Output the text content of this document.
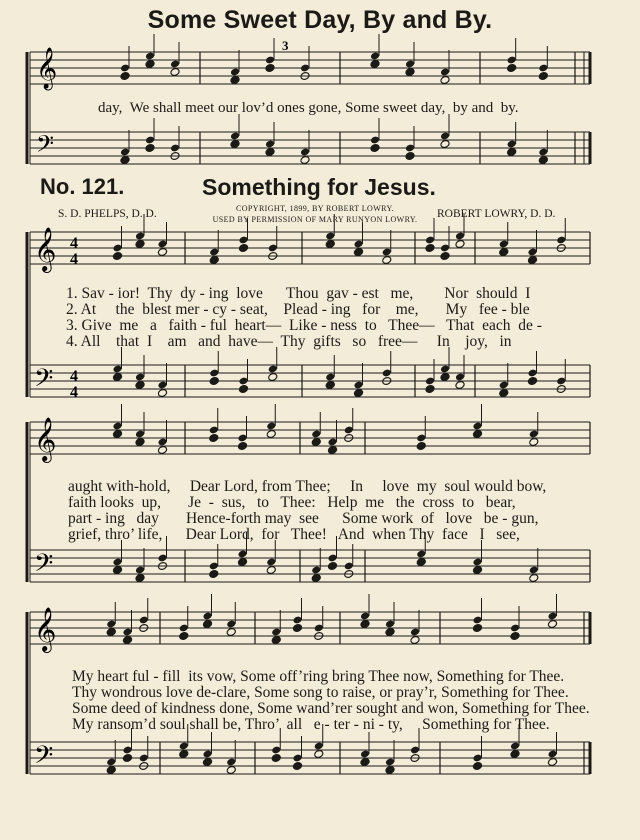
𝄞
𝄢
3
𝄞
𝄢
4
4
4
4
𝄞
𝄢
𝄞
𝄢
Some Sweet Day, By and By.
day,  We shall meet our lov’d ones gone, Some sweet day,  by and  by.
No. 121.	Something for Jesus.
S. D. PHELPS, D. D.	ROBERT LOWRY, D. D.
COPYRIGHT, 1899, BY ROBERT LOWRY.
USED BY PERMISSION OF MARY RUNYON LOWRY.
1. Sav - ior!  Thy  dy - ing  love      Thou  gav - est   me,        Nor  should  I
2. At     the  blest mer - cy - seat,    Plead - ing   for    me,       My   fee - ble
3. Give  me   a   faith - ful  heart—  Like - ness  to   Thee—   That  each  de -
4. All    that  I    am   and  have—  Thy  gifts   so   free—     In    joy,   in
aught with-hold,     Dear Lord, from Thee;     In     love  my  soul would bow,
faith looks  up,       Je  -  sus,   to   Thee:   Help  me   the  cross  to   bear,
part - ing   day       Hence-forth may  see      Some work  of   love   be - gun,
grief, thro’ life,      Dear Lord,  for   Thee!   And  when Thy  face   I   see,
My heart ful - fill  its vow, Some off’ring bring Thee now, Something for Thee.
Thy wondrous love de-clare, Some song to raise, or pray’r, Something for Thee.
Some deed of kindness done, Some wand’rer sought and won, Something for Thee.
My ransom’d soul shall be, Thro’  all   e - ter - ni - ty,     Something for Thee.
